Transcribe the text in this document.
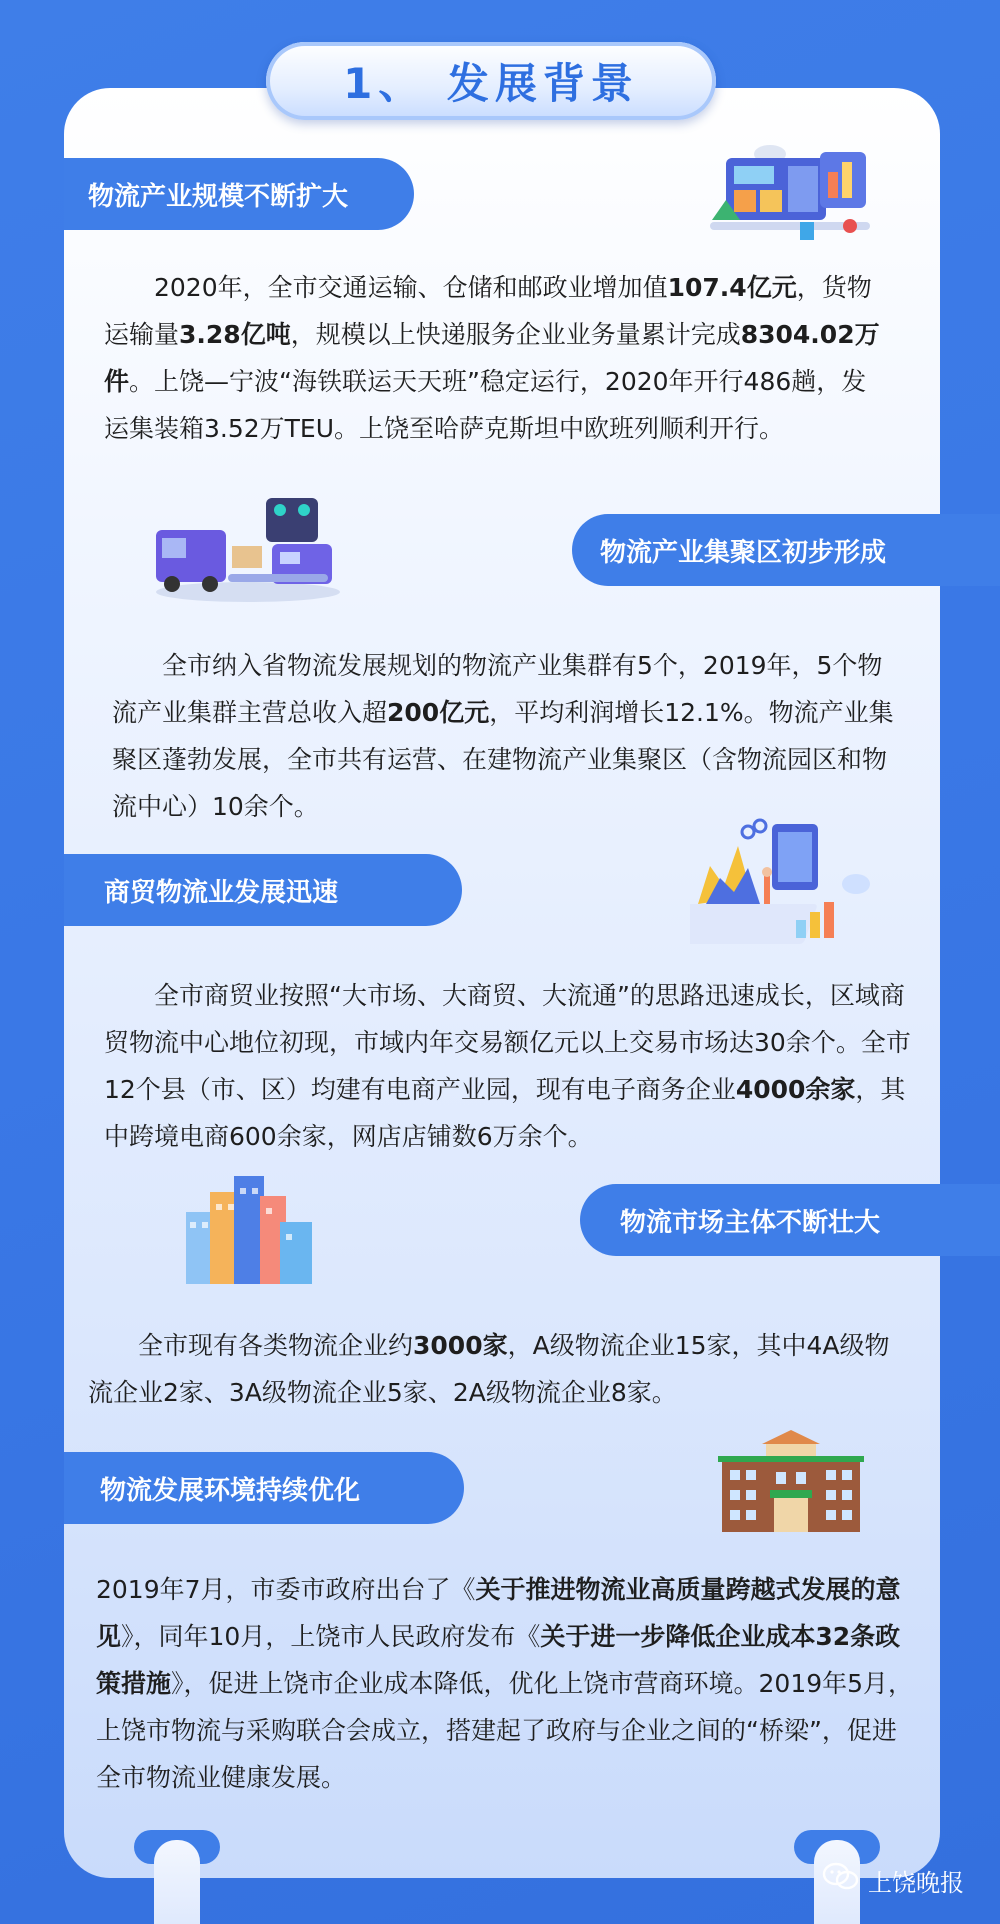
1、 发展背景
物流产业规模不断扩大
　　2020年，全市交通运输、仓储和邮政业增加值107.4亿元，货物运输量3.28亿吨，规模以上快递服务企业业务量累计完成8304.02万件。上饶—宁波“海铁联运天天班”稳定运行，2020年开行486趟，发运集装箱3.52万TEU。上饶至哈萨克斯坦中欧班列顺利开行。
物流产业集聚区初步形成
　　全市纳入省物流发展规划的物流产业集群有5个，2019年，5个物流产业集群主营总收入超200亿元，平均利润增长12.1%。物流产业集聚区蓬勃发展，全市共有运营、在建物流产业集聚区（含物流园区和物流中心）10余个。
商贸物流业发展迅速
　　全市商贸业按照“大市场、大商贸、大流通”的思路迅速成长，区域商贸物流中心地位初现，市域内年交易额亿元以上交易市场达30余个。全市12个县（市、区）均建有电商产业园，现有电子商务企业4000余家，其中跨境电商600余家，网店店铺数6万余个。
物流市场主体不断壮大
　　全市现有各类物流企业约3000家，A级物流企业15家，其中4A级物流企业2家、3A级物流企业5家、2A级物流企业8家。
物流发展环境持续优化
2019年7月，市委市政府出台了《关于推进物流业高质量跨越式发展的意见》，同年10月，上饶市人民政府发布《关于进一步降低企业成本32条政策措施》，促进上饶市企业成本降低，优化上饶市营商环境。2019年5月，上饶市物流与采购联合会成立，搭建起了政府与企业之间的“桥梁”，促进全市物流业健康发展。
上饶晚报
